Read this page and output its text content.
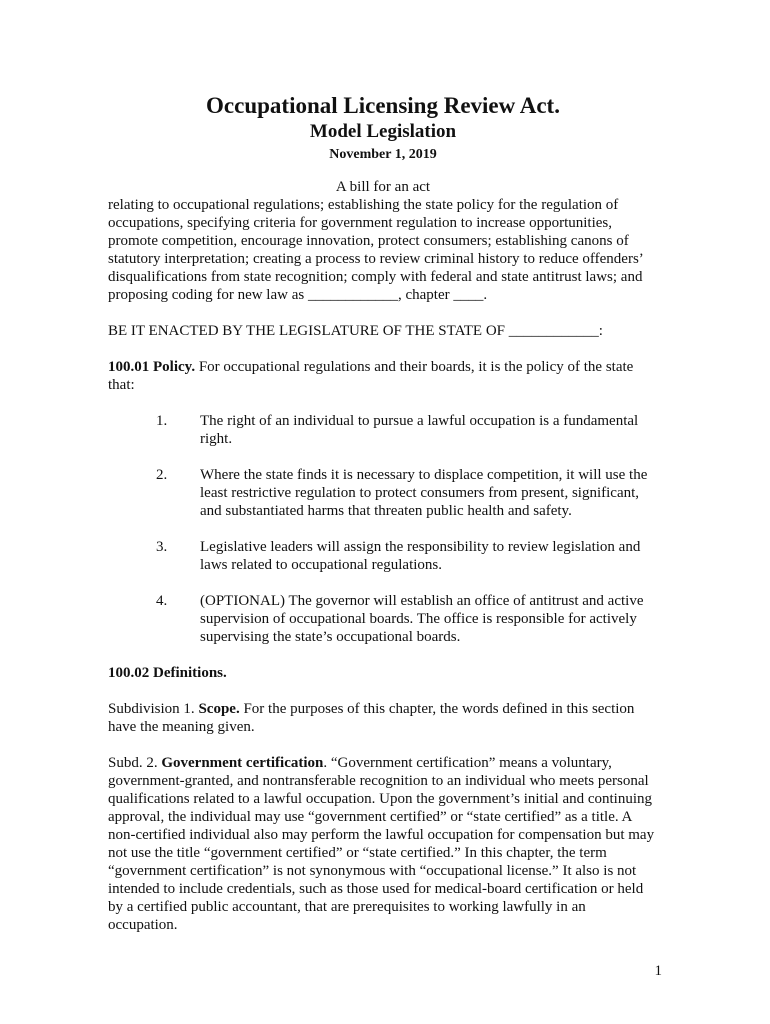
Occupational Licensing Review Act.
Model Legislation
November 1, 2019

A bill for an act

relating to occupational regulations; establishing the state policy for the regulation of occupations, specifying criteria for government regulation to increase opportunities, promote competition, encourage innovation, protect consumers; establishing canons of statutory interpretation; creating a process to review criminal history to reduce offenders’ disqualifications from state recognition; comply with federal and state antitrust laws; and proposing coding for new law as ____________, chapter ____.

BE IT ENACTED BY THE LEGISLATURE OF THE STATE OF ____________:

100.01 Policy. For occupational regulations and their boards, it is the policy of the state that:

1.	The right of an individual to pursue a lawful occupation is a fundamental right.
2.	Where the state finds it is necessary to displace competition, it will use the least restrictive regulation to protect consumers from present, significant, and substantiated harms that threaten public health and safety.
3.	Legislative leaders will assign the responsibility to review legislation and laws related to occupational regulations.
4.	(OPTIONAL) The governor will establish an office of antitrust and active supervision of occupational boards. The office is responsible for actively supervising the state’s occupational boards.

100.02 Definitions.

Subdivision 1. Scope. For the purposes of this chapter, the words defined in this section have the meaning given.

Subd. 2. Government certification. “Government certification” means a voluntary, government-granted, and nontransferable recognition to an individual who meets personal qualifications related to a lawful occupation. Upon the government’s initial and continuing approval, the individual may use “government certified” or “state certified” as a title. A non-certified individual also may perform the lawful occupation for compensation but may not use the title “government certified” or “state certified.” In this chapter, the term “government certification” is not synonymous with “occupational license.” It also is not intended to include credentials, such as those used for medical-board certification or held by a certified public accountant, that are prerequisites to working lawfully in an occupation.

1
